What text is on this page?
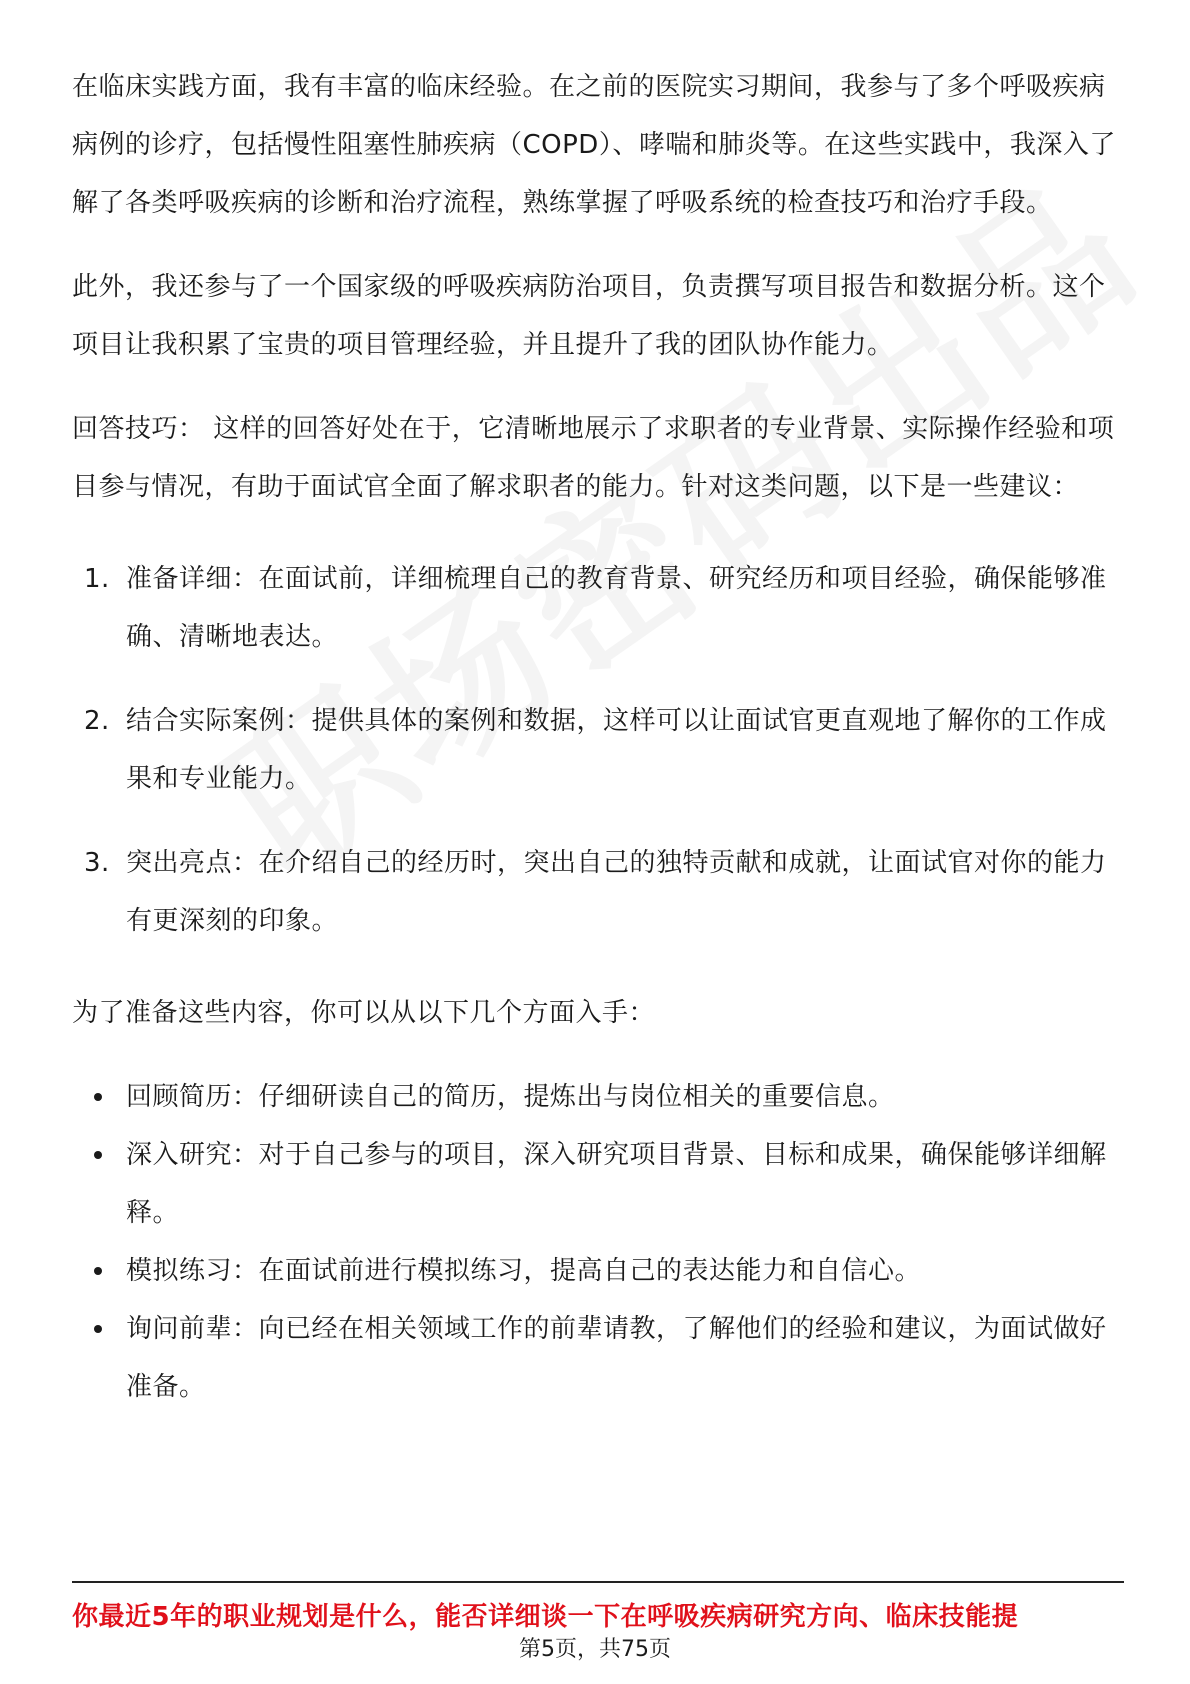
在临床实践方面，我有丰富的临床经验。在之前的医院实习期间，我参与了多个呼吸疾病病例的诊疗，包括慢性阻塞性肺疾病（COPD）、哮喘和肺炎等。在这些实践中，我深入了解了各类呼吸疾病的诊断和治疗流程，熟练掌握了呼吸系统的检查技巧和治疗手段。

此外，我还参与了一个国家级的呼吸疾病防治项目，负责撰写项目报告和数据分析。这个项目让我积累了宝贵的项目管理经验，并且提升了我的团队协作能力。

回答技巧： 这样的回答好处在于，它清晰地展示了求职者的专业背景、实际操作经验和项目参与情况，有助于面试官全面了解求职者的能力。针对这类问题，以下是一些建议：

1. 准备详细：在面试前，详细梳理自己的教育背景、研究经历和项目经验，确保能够准确、清晰地表达。
2. 结合实际案例：提供具体的案例和数据，这样可以让面试官更直观地了解你的工作成果和专业能力。
3. 突出亮点：在介绍自己的经历时，突出自己的独特贡献和成就，让面试官对你的能力有更深刻的印象。

为了准备这些内容，你可以从以下几个方面入手：

回顾简历：仔细研读自己的简历，提炼出与岗位相关的重要信息。
深入研究：对于自己参与的项目，深入研究项目背景、目标和成果，确保能够详细解释。
模拟练习：在面试前进行模拟练习，提高自己的表达能力和自信心。
询问前辈：向已经在相关领域工作的前辈请教，了解他们的经验和建议，为面试做好准备。
你最近5年的职业规划是什么，能否详细谈一下在呼吸疾病研究方向、临床技能提
第5页，共75页
